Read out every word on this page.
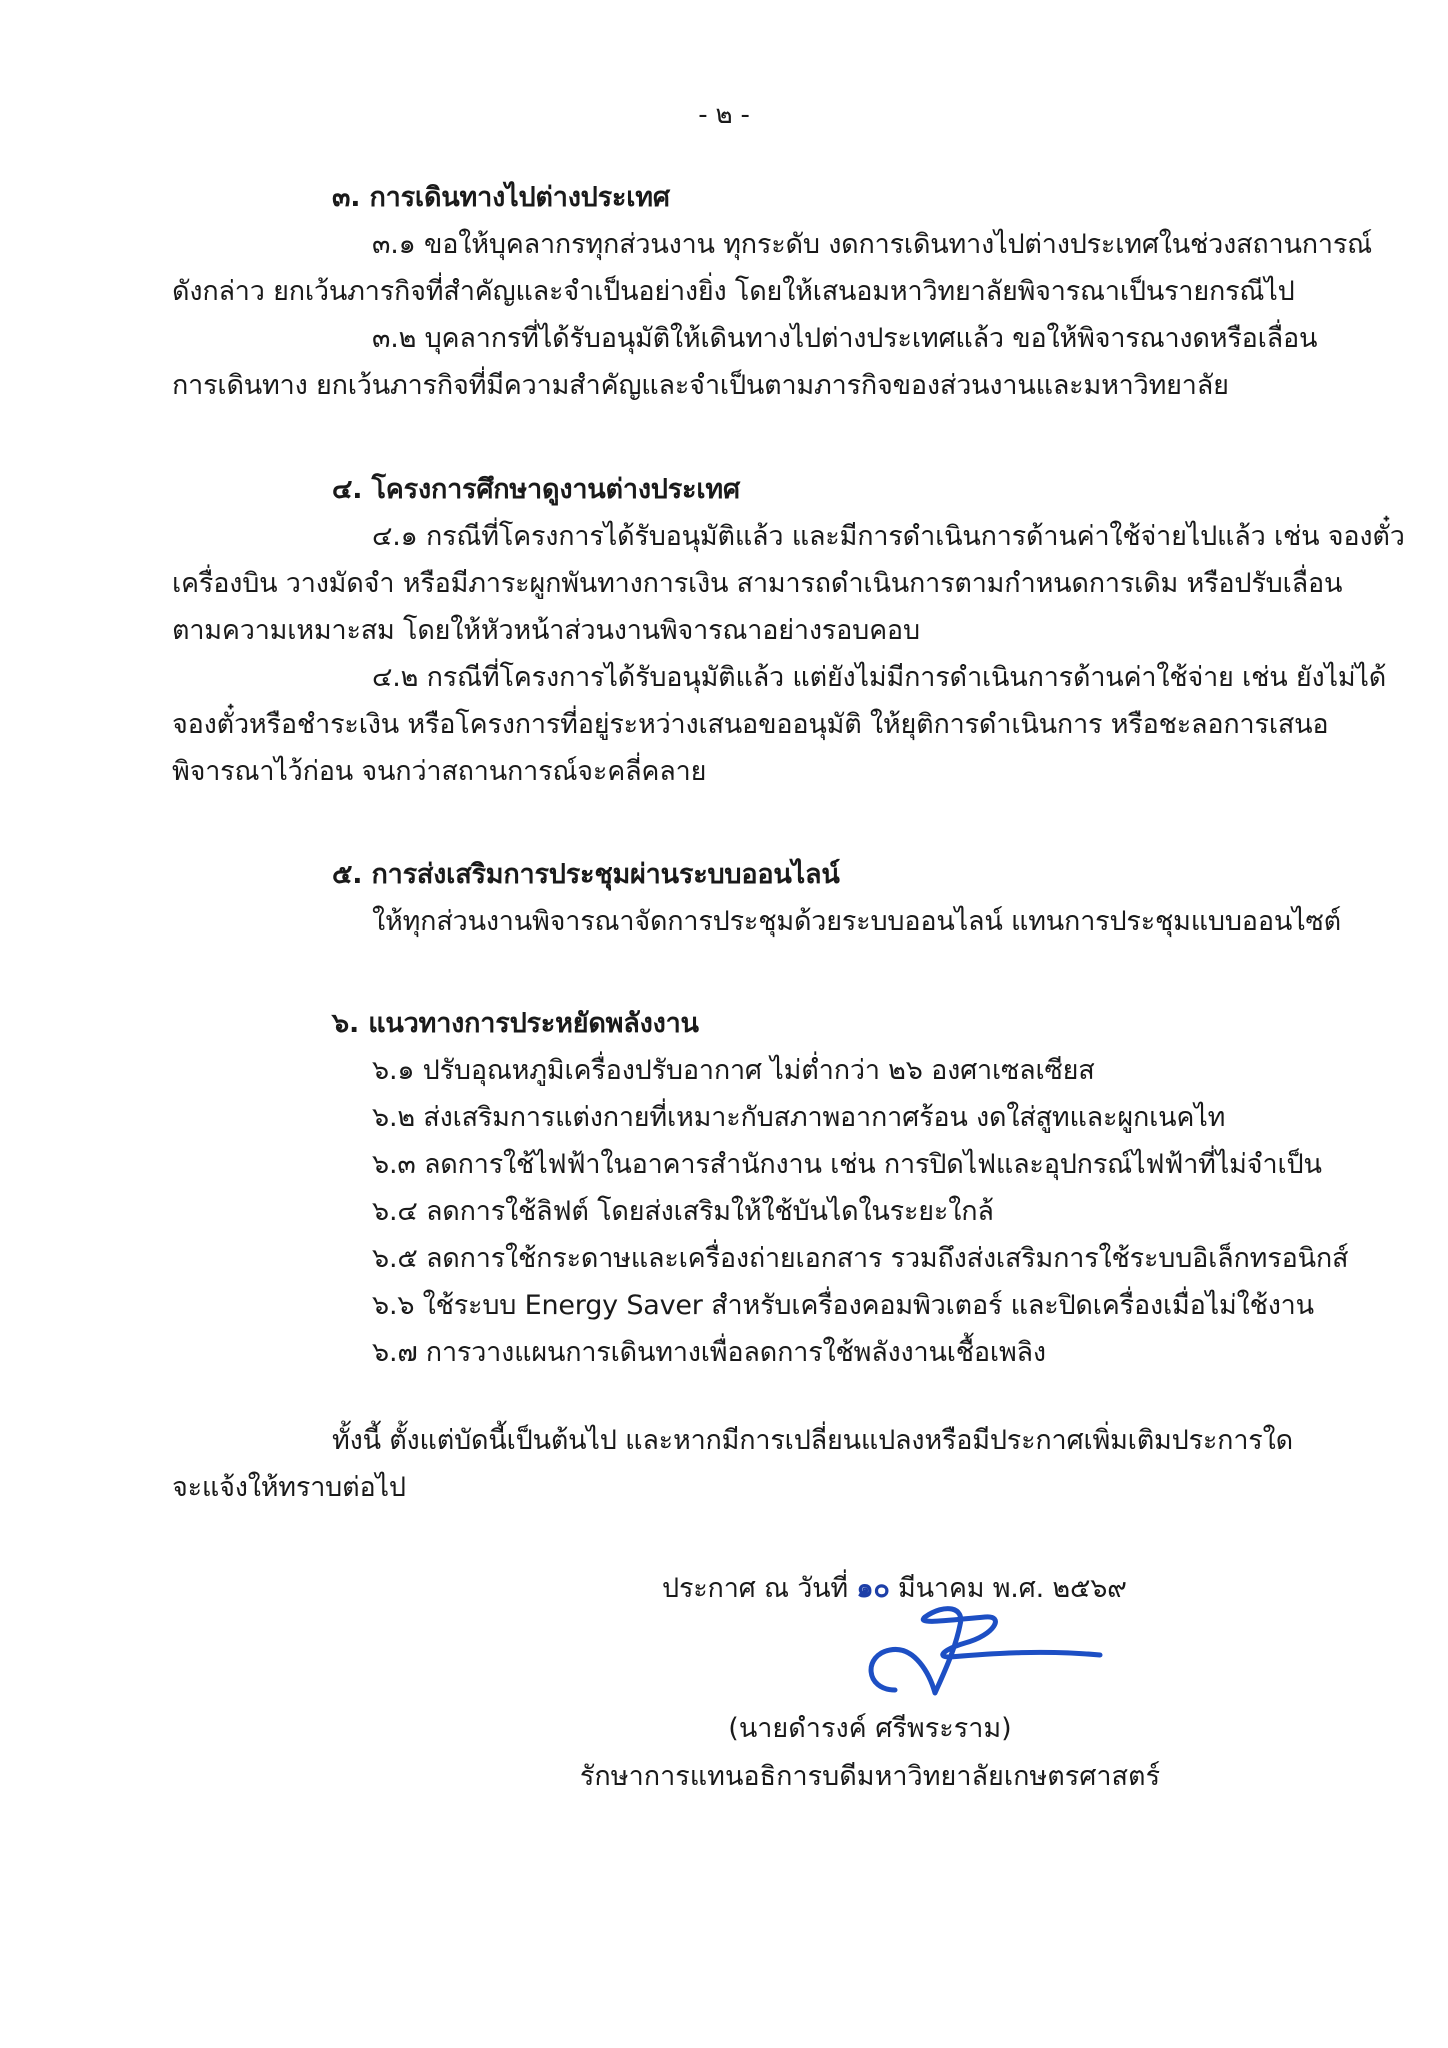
- ๒ -
๓. การเดินทางไปต่างประเทศ
๓.๑ ขอให้บุคลากรทุกส่วนงาน ทุกระดับ งดการเดินทางไปต่างประเทศในช่วงสถานการณ์
ดังกล่าว ยกเว้นภารกิจที่สำคัญและจำเป็นอย่างยิ่ง โดยให้เสนอมหาวิทยาลัยพิจารณาเป็นรายกรณีไป
๓.๒ บุคลากรที่ได้รับอนุมัติให้เดินทางไปต่างประเทศแล้ว ขอให้พิจารณางดหรือเลื่อน
การเดินทาง ยกเว้นภารกิจที่มีความสำคัญและจำเป็นตามภารกิจของส่วนงานและมหาวิทยาลัย
๔. โครงการศึกษาดูงานต่างประเทศ
๔.๑ กรณีที่โครงการได้รับอนุมัติแล้ว และมีการดำเนินการด้านค่าใช้จ่ายไปแล้ว เช่น จองตั๋ว
เครื่องบิน วางมัดจำ หรือมีภาระผูกพันทางการเงิน สามารถดำเนินการตามกำหนดการเดิม หรือปรับเลื่อน
ตามความเหมาะสม โดยให้หัวหน้าส่วนงานพิจารณาอย่างรอบคอบ
๔.๒ กรณีที่โครงการได้รับอนุมัติแล้ว แต่ยังไม่มีการดำเนินการด้านค่าใช้จ่าย เช่น ยังไม่ได้
จองตั๋วหรือชำระเงิน หรือโครงการที่อยู่ระหว่างเสนอขออนุมัติ ให้ยุติการดำเนินการ หรือชะลอการเสนอ
พิจารณาไว้ก่อน จนกว่าสถานการณ์จะคลี่คลาย
๕. การส่งเสริมการประชุมผ่านระบบออนไลน์
ให้ทุกส่วนงานพิจารณาจัดการประชุมด้วยระบบออนไลน์ แทนการประชุมแบบออนไซต์
๖. แนวทางการประหยัดพลังงาน
๖.๑ ปรับอุณหภูมิเครื่องปรับอากาศ ไม่ต่ำกว่า ๒๖ องศาเซลเซียส
๖.๒ ส่งเสริมการแต่งกายที่เหมาะกับสภาพอากาศร้อน งดใส่สูทและผูกเนคไท
๖.๓ ลดการใช้ไฟฟ้าในอาคารสำนักงาน เช่น การปิดไฟและอุปกรณ์ไฟฟ้าที่ไม่จำเป็น
๖.๔ ลดการใช้ลิฟต์ โดยส่งเสริมให้ใช้บันไดในระยะใกล้
๖.๕ ลดการใช้กระดาษและเครื่องถ่ายเอกสาร รวมถึงส่งเสริมการใช้ระบบอิเล็กทรอนิกส์
๖.๖ ใช้ระบบ Energy Saver สำหรับเครื่องคอมพิวเตอร์ และปิดเครื่องเมื่อไม่ใช้งาน
๖.๗ การวางแผนการเดินทางเพื่อลดการใช้พลังงานเชื้อเพลิง
ทั้งนี้ ตั้งแต่บัดนี้เป็นต้นไป และหากมีการเปลี่ยนแปลงหรือมีประกาศเพิ่มเติมประการใด
จะแจ้งให้ทราบต่อไป
ประกาศ ณ วันที่ ๑๐ มีนาคม พ.ศ. ๒๕๖๙
(นายดำรงค์ ศรีพระราม)
รักษาการแทนอธิการบดีมหาวิทยาลัยเกษตรศาสตร์
